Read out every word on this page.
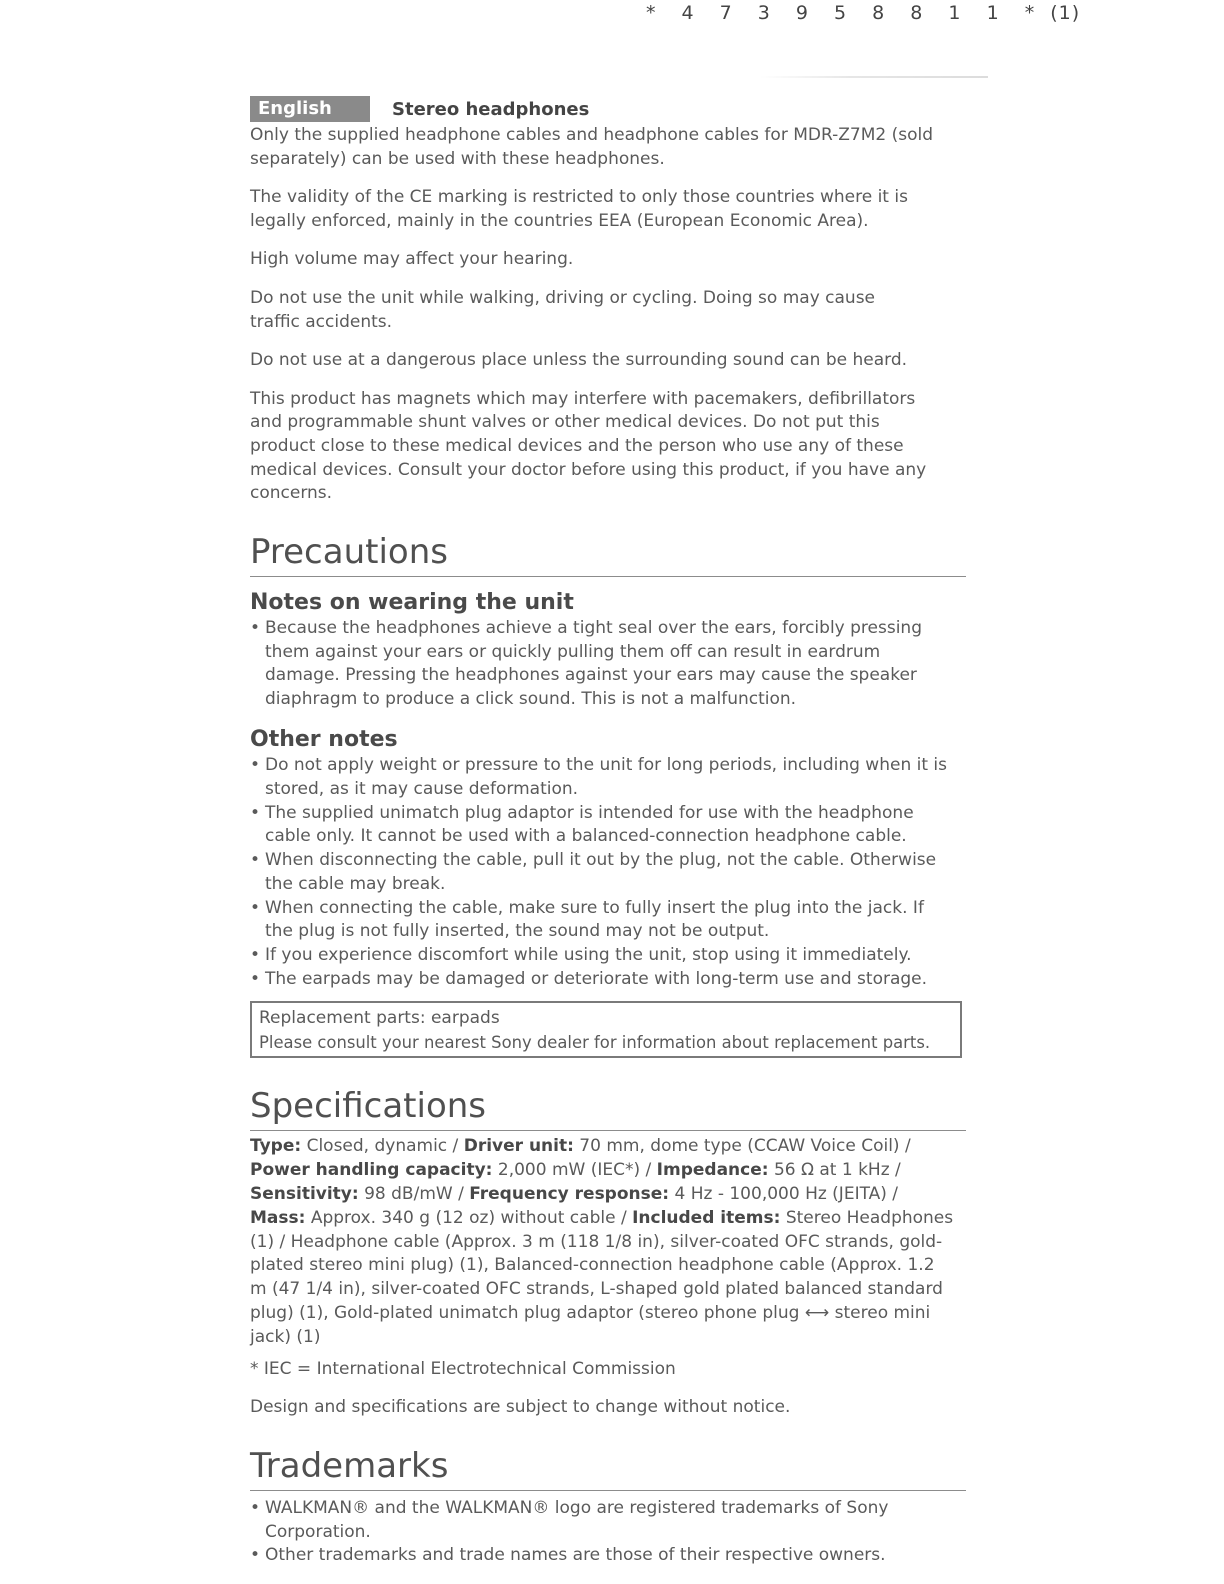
* 4 7 3 9 5 8 8 1 1 * (1)
English	Stereo headphones

Only the supplied headphone cables and headphone cables for MDR-Z7M2 (sold separately) can be used with these headphones.

The validity of the CE marking is restricted to only those countries where it is legally enforced, mainly in the countries EEA (European Economic Area).

High volume may affect your hearing.

Do not use the unit while walking, driving or cycling. Doing so may cause traffic accidents.

Do not use at a dangerous place unless the surrounding sound can be heard.

This product has magnets which may interfere with pacemakers, defibrillators and programmable shunt valves or other medical devices. Do not put this product close to these medical devices and the person who use any of these medical devices. Consult your doctor before using this product, if you have any concerns.

Precautions
Notes on wearing the unit
• Because the headphones achieve a tight seal over the ears, forcibly pressing them against your ears or quickly pulling them off can result in eardrum damage. Pressing the headphones against your ears may cause the speaker diaphragm to produce a click sound. This is not a malfunction.
Other notes
• Do not apply weight or pressure to the unit for long periods, including when it is stored, as it may cause deformation.
• The supplied unimatch plug adaptor is intended for use with the headphone cable only. It cannot be used with a balanced-connection headphone cable.
• When disconnecting the cable, pull it out by the plug, not the cable. Otherwise the cable may break.
• When connecting the cable, make sure to fully insert the plug into the jack. If the plug is not fully inserted, the sound may not be output.
• If you experience discomfort while using the unit, stop using it immediately.
• The earpads may be damaged or deteriorate with long-term use and storage.

Replacement parts: earpads

Please consult your nearest Sony dealer for information about replacement parts.

Specifications

Type: Closed, dynamic / Driver unit: 70 mm, dome type (CCAW Voice Coil) / Power handling capacity: 2,000 mW (IEC*) / Impedance: 56 Ω at 1 kHz / Sensitivity: 98 dB/mW / Frequency response: 4 Hz - 100,000 Hz (JEITA) / Mass: Approx. 340 g (12 oz) without cable / Included items: Stereo Headphones (1) / Headphone cable (Approx. 3 m (118 1/8 in), silver-coated OFC strands, gold-plated stereo mini plug) (1), Balanced-connection headphone cable (Approx. 1.2 m (47 1/4 in), silver-coated OFC strands, L-shaped gold plated balanced standard plug) (1), Gold-plated unimatch plug adaptor (stereo phone plug ⟷ stereo mini jack) (1)

* IEC = International Electrotechnical Commission

Design and specifications are subject to change without notice.

Trademarks
• WALKMAN® and the WALKMAN® logo are registered trademarks of Sony Corporation.
• Other trademarks and trade names are those of their respective owners.
